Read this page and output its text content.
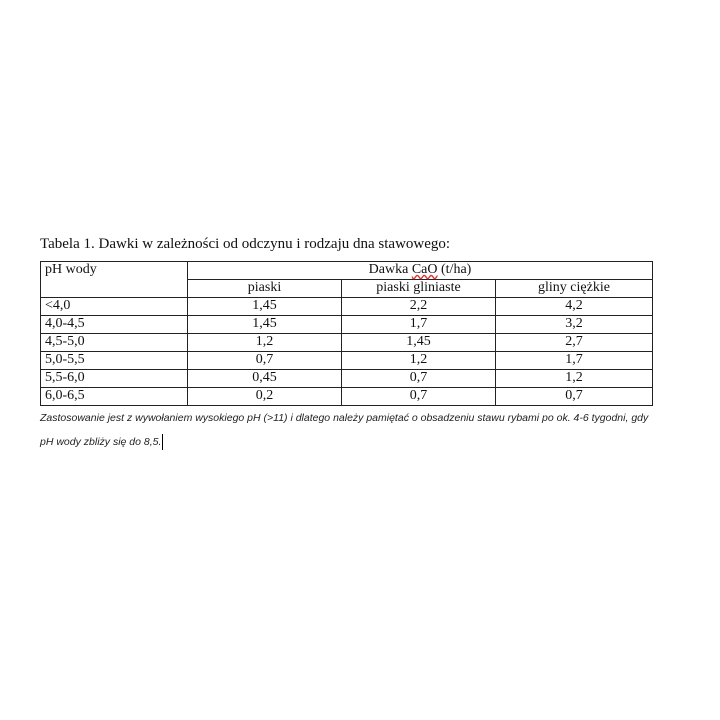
Tabela 1. Dawki w zależności od odczynu i rodzaju dna stawowego:
pH wody	Dawka CaO (t/ha)		
	piaski	piaski gliniaste	gliny ciężkie
<4,0	1,45	2,2	4,2
4,0-4,5	1,45	1,7	3,2
4,5-5,0	1,2	1,45	2,7
5,0-5,5	0,7	1,2	1,7
5,5-6,0	0,45	0,7	1,2
6,0-6,5	0,2	0,7	0,7
Zastosowanie jest z wywołaniem wysokiego pH (>11) i dlatego należy pamiętać o obsadzeniu stawu rybami po ok. 4-6 tygodni, gdy pH wody zbliży się do 8,5.
